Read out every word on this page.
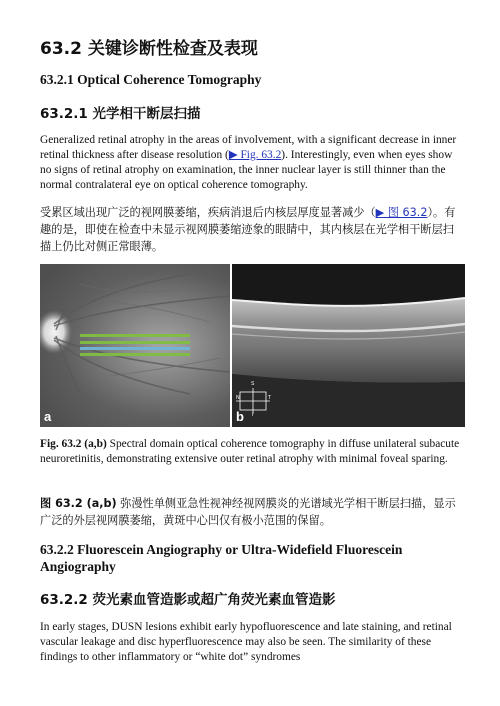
63.2 关键诊断性检查及表现
63.2.1 Optical Coherence Tomography
63.2.1 光学相干断层扫描
Generalized retinal atrophy in the areas of involvement, with a significant decrease in inner retinal thickness after disease resolution (▶ Fig. 63.2). Interestingly, even when eyes show no signs of retinal atrophy on examination, the inner nuclear layer is still thinner than the normal contralateral eye on optical coherence tomography.
受累区域出现广泛的视网膜萎缩，疾病消退后内核层厚度显著减少（▶ 图 63.2）。有趣的是，即使在检查中未显示视网膜萎缩迹象的眼睛中，其内核层在光学相干断层扫描上仍比对侧正常眼薄。
a
S
N	T
I
b
Fig. 63.2 (a,b) Spectral domain optical coherence tomography in diffuse unilateral subacute neuroretinitis, demonstrating extensive outer retinal atrophy with minimal foveal sparing.
图 63.2 (a,b) 弥漫性单侧亚急性视神经视网膜炎的光谱域光学相干断层扫描，显示广泛的外层视网膜萎缩，黄斑中心凹仅有极小范围的保留。
63.2.2 Fluorescein Angiography or Ultra-Widefield Fluorescein Angiography
63.2.2 荧光素血管造影或超广角荧光素血管造影
In early stages, DUSN lesions exhibit early hypofluorescence and late staining, and retinal vascular leakage and disc hyperfluorescence may also be seen. The similarity of these findings to other inflammatory or “white dot” syndromes
